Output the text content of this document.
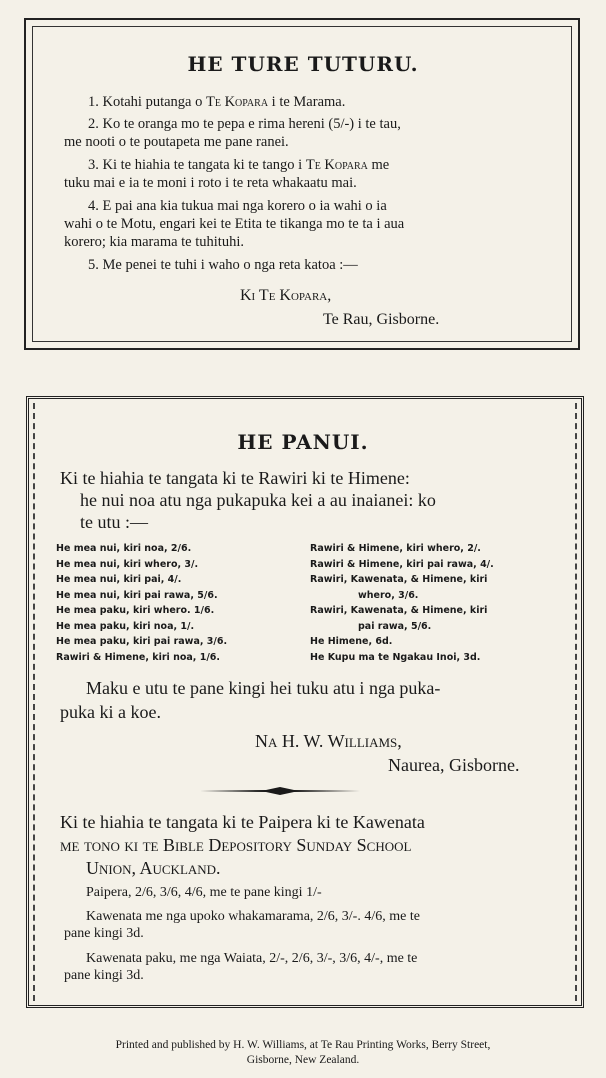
HE TURE TUTURU.
1. Kotahi putanga o Te Kopara i te Marama.
2. Ko te oranga mo te pepa e rima hereni (5/-) i te tau,
me nooti o te poutapeta me pane ranei.
3. Ki te hiahia te tangata ki te tango i Te Kopara me
tuku mai e ia te moni i roto i te reta whakaatu mai.
4. E pai ana kia tukua mai nga korero o ia wahi o ia
wahi o te Motu, engari kei te Etita te tikanga mo te ta i aua
korero; kia marama te tuhituhi.
5. Me penei te tuhi i waho o nga reta katoa :—
Ki Te Kopara,
Te Rau, Gisborne.
HE PANUI.
Ki te hiahia te tangata ki te Rawiri ki te Himene:
he nui noa atu nga pukapuka kei a au inaianei: ko
te utu :—
He mea nui, kiri noa, 2/6.
He mea nui, kiri whero, 3/.
He mea nui, kiri pai, 4/.
He mea nui, kiri pai rawa, 5/6.
He mea paku, kiri whero. 1/6.
He mea paku, kiri noa, 1/.
He mea paku, kiri pai rawa, 3/6.
Rawiri & Himene, kiri noa, 1/6.
Rawiri & Himene, kiri whero, 2/.
Rawiri & Himene, kiri pai rawa, 4/.
Rawiri, Kawenata, & Himene, kiri
whero, 3/6.
Rawiri, Kawenata, & Himene, kiri
pai rawa, 5/6.
He Himene, 6d.
He Kupu ma te Ngakau Inoi, 3d.
Maku e utu te pane kingi hei tuku atu i nga puka-
puka ki a koe.
Na H. W. Williams,
Naurea, Gisborne.
Ki te hiahia te tangata ki te Paipera ki te Kawenata
me tono ki te Bible Depository Sunday School
Union, Auckland.
Paipera, 2/6, 3/6, 4/6, me te pane kingi 1/-
Kawenata me nga upoko whakamarama, 2/6, 3/-. 4/6, me te
pane kingi 3d.
Kawenata paku, me nga Waiata, 2/-, 2/6, 3/-, 3/6, 4/-, me te
pane kingi 3d.
Printed and published by H. W. Williams, at Te Rau Printing Works, Berry Street,
Gisborne, New Zealand.
